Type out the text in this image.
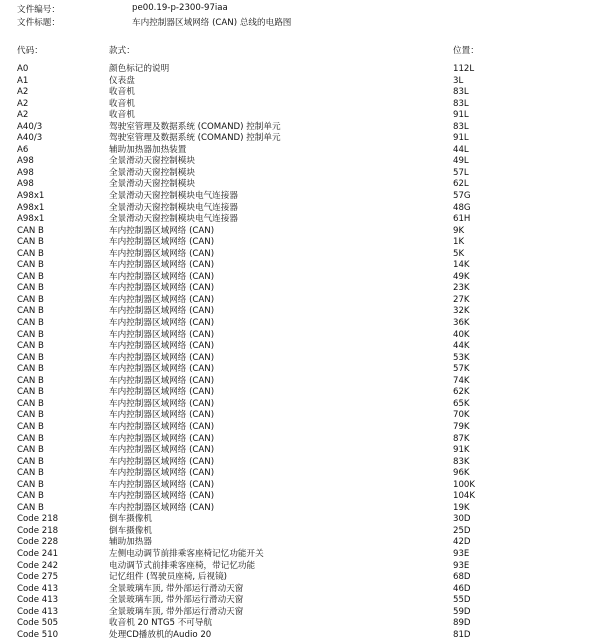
文件编号：	pe00.19-p-2300-97iaa
文件标题：	车内控制器区域网络 (CAN) 总线的电路图
代码：	款式：	位置：
A0	颜色标记的说明	112L
A1	仪表盘	3L
A2	收音机	83L
A2	收音机	83L
A2	收音机	91L
A40/3	驾驶室管理及数据系统 (COMAND) 控制单元	83L
A40/3	驾驶室管理及数据系统 (COMAND) 控制单元	91L
A6	辅助加热器加热装置	44L
A98	全景滑动天窗控制模块	49L
A98	全景滑动天窗控制模块	57L
A98	全景滑动天窗控制模块	62L
A98x1	全景滑动天窗控制模块电气连接器	57G
A98x1	全景滑动天窗控制模块电气连接器	48G
A98x1	全景滑动天窗控制模块电气连接器	61H
CAN B	车内控制器区域网络 (CAN)	9K
CAN B	车内控制器区域网络 (CAN)	1K
CAN B	车内控制器区域网络 (CAN)	5K
CAN B	车内控制器区域网络 (CAN)	14K
CAN B	车内控制器区域网络 (CAN)	49K
CAN B	车内控制器区域网络 (CAN)	23K
CAN B	车内控制器区域网络 (CAN)	27K
CAN B	车内控制器区域网络 (CAN)	32K
CAN B	车内控制器区域网络 (CAN)	36K
CAN B	车内控制器区域网络 (CAN)	40K
CAN B	车内控制器区域网络 (CAN)	44K
CAN B	车内控制器区域网络 (CAN)	53K
CAN B	车内控制器区域网络 (CAN)	57K
CAN B	车内控制器区域网络 (CAN)	74K
CAN B	车内控制器区域网络 (CAN)	62K
CAN B	车内控制器区域网络 (CAN)	65K
CAN B	车内控制器区域网络 (CAN)	70K
CAN B	车内控制器区域网络 (CAN)	79K
CAN B	车内控制器区域网络 (CAN)	87K
CAN B	车内控制器区域网络 (CAN)	91K
CAN B	车内控制器区域网络 (CAN)	83K
CAN B	车内控制器区域网络 (CAN)	96K
CAN B	车内控制器区域网络 (CAN)	100K
CAN B	车内控制器区域网络 (CAN)	104K
CAN B	车内控制器区域网络 (CAN)	19K
Code 218	倒车摄像机	30D
Code 218	倒车摄像机	25D
Code 228	辅助加热器	42D
Code 241	左侧电动调节前排乘客座椅记忆功能开关	93E
Code 242	电动调节式前排乘客座椅，带记忆功能	93E
Code 275	记忆组件 (驾驶员座椅, 后视镜)	68D
Code 413	全景玻璃车顶, 带外部运行滑动天窗	46D
Code 413	全景玻璃车顶, 带外部运行滑动天窗	55D
Code 413	全景玻璃车顶, 带外部运行滑动天窗	59D
Code 505	收音机 20 NTG5 不可导航	89D
Code 510	处理CD播放机的Audio 20	81D
